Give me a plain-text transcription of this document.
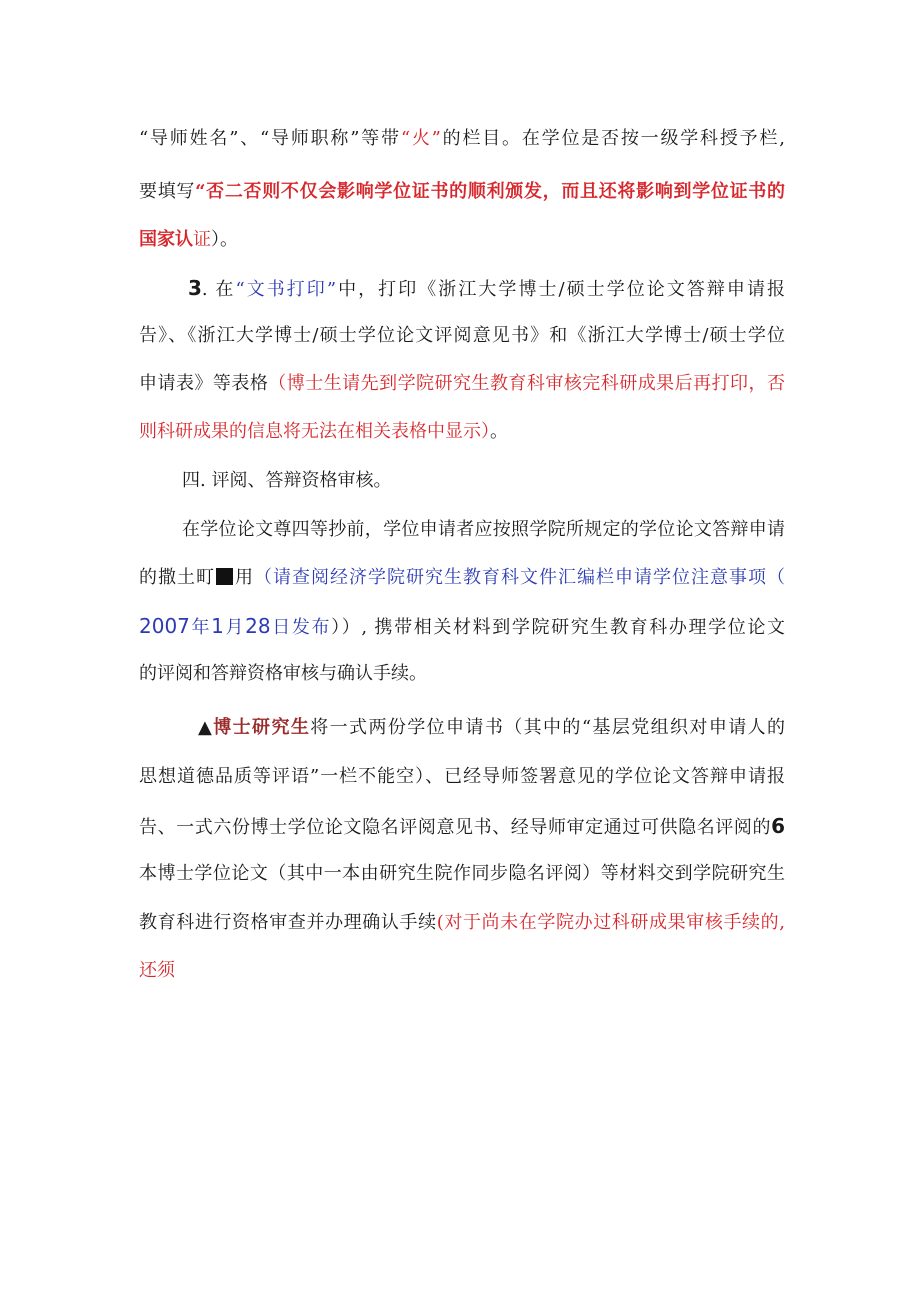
“导师姓名”、“导师职称”等带“火”的栏目。在学位是否按一级学科授予栏,
要填写“否二否则不仅会影响学位证书的顺利颁发，而且还将影响到学位证书的
国家认证）。
3. 在“文书打印”中，打印《浙江大学博士/硕士学位论文答辩申请报
告》、《浙江大学博士/硕士学位论文评阅意见书》和《浙江大学博士/硕士学位
申请表》等表格（博士生请先到学院研究生教育科审核完科研成果后再打印，否
则科研成果的信息将无法在相关表格中显示）。
四. 评阅、答辩资格审核。
在学位论文尊四等抄前，学位申请者应按照学院所规定的学位论文答辩申请
的撒土町 用（请查阅经济学院研究生教育科文件汇编栏申请学位注意事项（
2007年1月28日发布））, 携带相关材料到学院研究生教育科办理学位论文
的评阅和答辩资格审核与确认手续。
▲博士研究生将一式两份学位申请书（其中的“基层党组织对申请人的
思想道德品质等评语”一栏不能空）、已经导师签署意见的学位论文答辩申请报
告、一式六份博士学位论文隐名评阅意见书、经导师审定通过可供隐名评阅的6
本博士学位论文（其中一本由研究生院作同步隐名评阅）等材料交到学院研究生
教育科进行资格审查并办理确认手续(对于尚未在学院办过科研成果审核手续的,
还须
